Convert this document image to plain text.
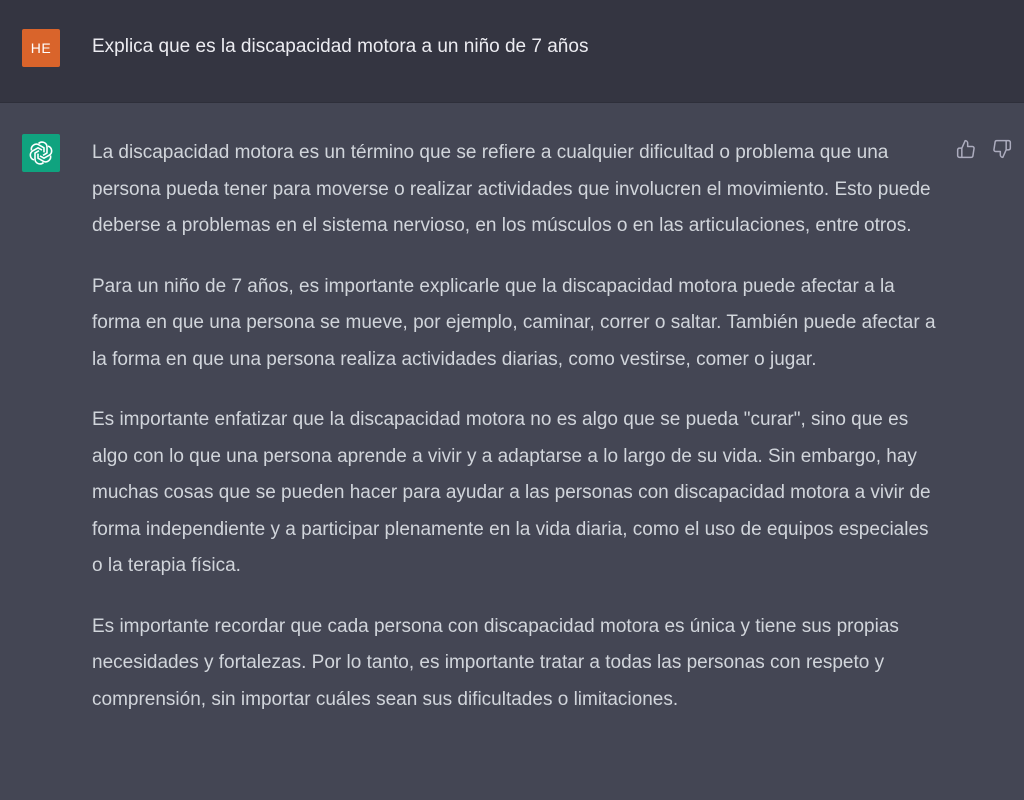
HE	Explica que es la discapacidad motora a un niño de 7 años

La discapacidad motora es un término que se refiere a cualquier dificultad o problema que una persona pueda tener para moverse o realizar actividades que involucren el movimiento. Esto puede deberse a problemas en el sistema nervioso, en los músculos o en las articulaciones, entre otros.

Para un niño de 7 años, es importante explicarle que la discapacidad motora puede afectar a la forma en que una persona se mueve, por ejemplo, caminar, correr o saltar. También puede afectar a la forma en que una persona realiza actividades diarias, como vestirse, comer o jugar.

Es importante enfatizar que la discapacidad motora no es algo que se pueda "curar", sino que es algo con lo que una persona aprende a vivir y a adaptarse a lo largo de su vida. Sin embargo, hay muchas cosas que se pueden hacer para ayudar a las personas con discapacidad motora a vivir de forma independiente y a participar plenamente en la vida diaria, como el uso de equipos especiales o la terapia física.

Es importante recordar que cada persona con discapacidad motora es única y tiene sus propias necesidades y fortalezas. Por lo tanto, es importante tratar a todas las personas con respeto y comprensión, sin importar cuáles sean sus dificultades o limitaciones.
